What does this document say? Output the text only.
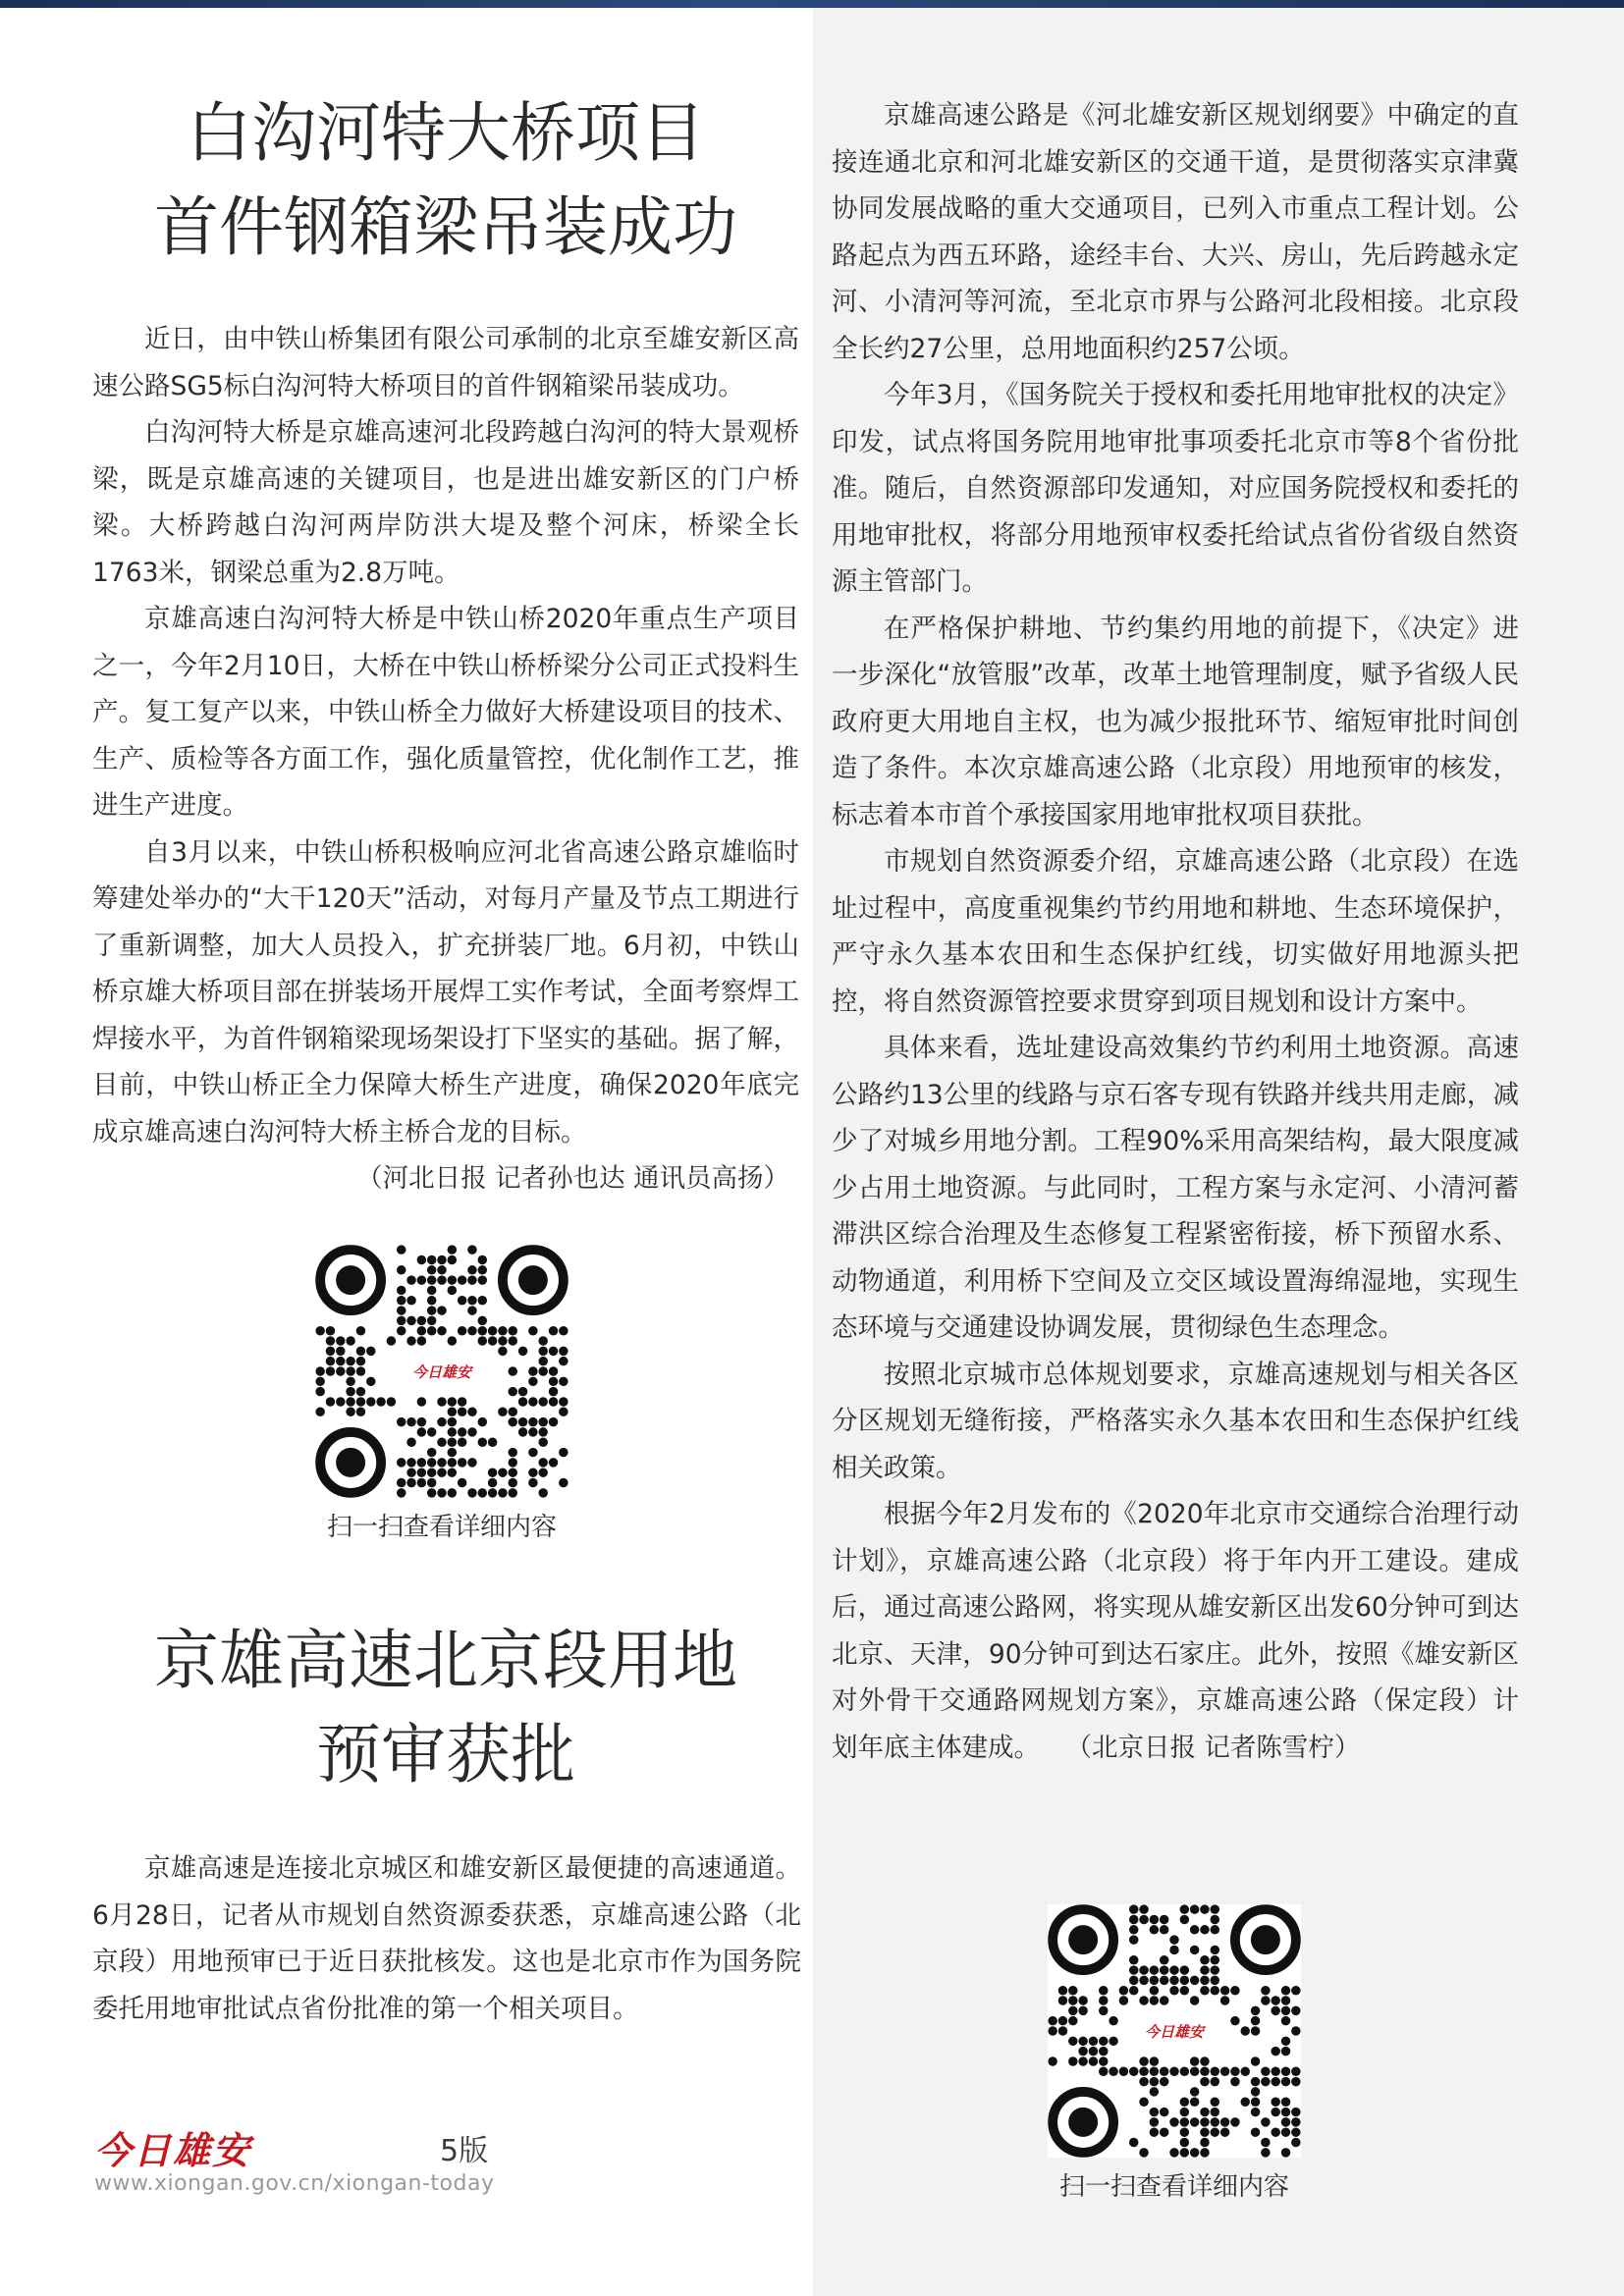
白沟河特大桥项目
首件钢箱梁吊装成功

近日，由中铁山桥集团有限公司承制的北京至雄安新区高速公路SG5标白沟河特大桥项目的首件钢箱梁吊装成功。

白沟河特大桥是京雄高速河北段跨越白沟河的特大景观桥梁，既是京雄高速的关键项目，也是进出雄安新区的门户桥梁。大桥跨越白沟河两岸防洪大堤及整个河床，桥梁全长1763米，钢梁总重为2.8万吨。

京雄高速白沟河特大桥是中铁山桥2020年重点生产项目之一，今年2月10日，大桥在中铁山桥桥梁分公司正式投料生产。复工复产以来，中铁山桥全力做好大桥建设项目的技术、生产、质检等各方面工作，强化质量管控，优化制作工艺，推进生产进度。

自3月以来，中铁山桥积极响应河北省高速公路京雄临时筹建处举办的“大干120天”活动，对每月产量及节点工期进行了重新调整，加大人员投入，扩充拼装厂地。6月初，中铁山桥京雄大桥项目部在拼装场开展焊工实作考试，全面考察焊工焊接水平，为首件钢箱梁现场架设打下坚实的基础。据了解，目前，中铁山桥正全力保障大桥生产进度，确保2020年底完成京雄高速白沟河特大桥主桥合龙的目标。

（河北日报 记者孙也达 通讯员高扬）

今日雄安
扫一扫查看详细内容
京雄高速北京段用地
预审获批

京雄高速是连接北京城区和雄安新区最便捷的高速通道。6月28日，记者从市规划自然资源委获悉，京雄高速公路（北京段）用地预审已于近日获批核发。这也是北京市作为国务院委托用地审批试点省份批准的第一个相关项目。

京雄高速公路是《河北雄安新区规划纲要》中确定的直接连通北京和河北雄安新区的交通干道，是贯彻落实京津冀协同发展战略的重大交通项目，已列入市重点工程计划。公路起点为西五环路，途经丰台、大兴、房山，先后跨越永定河、小清河等河流，至北京市界与公路河北段相接。北京段全长约27公里，总用地面积约257公顷。

今年3月，《国务院关于授权和委托用地审批权的决定》印发，试点将国务院用地审批事项委托北京市等8个省份批准。随后，自然资源部印发通知，对应国务院授权和委托的用地审批权，将部分用地预审权委托给试点省份省级自然资源主管部门。

在严格保护耕地、节约集约用地的前提下，《决定》进一步深化“放管服”改革，改革土地管理制度，赋予省级人民政府更大用地自主权，也为减少报批环节、缩短审批时间创造了条件。本次京雄高速公路（北京段）用地预审的核发，标志着本市首个承接国家用地审批权项目获批。

市规划自然资源委介绍，京雄高速公路（北京段）在选址过程中，高度重视集约节约用地和耕地、生态环境保护，严守永久基本农田和生态保护红线，切实做好用地源头把控，将自然资源管控要求贯穿到项目规划和设计方案中。

具体来看，选址建设高效集约节约利用土地资源。高速公路约13公里的线路与京石客专现有铁路并线共用走廊，减少了对城乡用地分割。工程90%采用高架结构，最大限度减少占用土地资源。与此同时，工程方案与永定河、小清河蓄滞洪区综合治理及生态修复工程紧密衔接，桥下预留水系、动物通道，利用桥下空间及立交区域设置海绵湿地，实现生态环境与交通建设协调发展，贯彻绿色生态理念。

按照北京城市总体规划要求，京雄高速规划与相关各区分区规划无缝衔接，严格落实永久基本农田和生态保护红线相关政策。

根据今年2月发布的《2020年北京市交通综合治理行动计划》，京雄高速公路（北京段）将于年内开工建设。建成后，通过高速公路网，将实现从雄安新区出发60分钟可到达北京、天津，90分钟可到达石家庄。此外，按照《雄安新区对外骨干交通路网规划方案》，京雄高速公路（保定段）计划年底主体建成。　　（北京日报 记者陈雪柠）

今日雄安
扫一扫查看详细内容
今日雄安	5版
www.xiongan.gov.cn/xiongan-today
